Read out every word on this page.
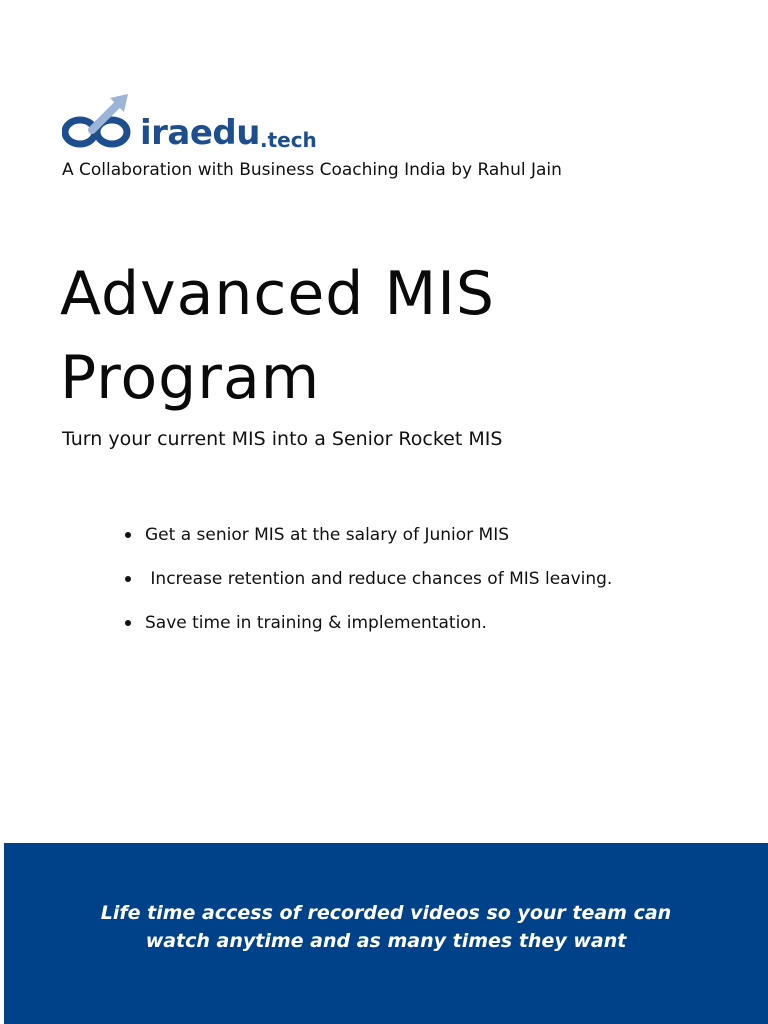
iraedu .tech
A Collaboration with Business Coaching India by Rahul Jain
Advanced MIS
Program
Turn your current MIS into a Senior Rocket MIS
Get a senior MIS at the salary of Junior MIS
Increase retention and reduce chances of MIS leaving.
Save time in training & implementation.
Life time access of recorded videos so your team can
watch anytime and as many times they want
